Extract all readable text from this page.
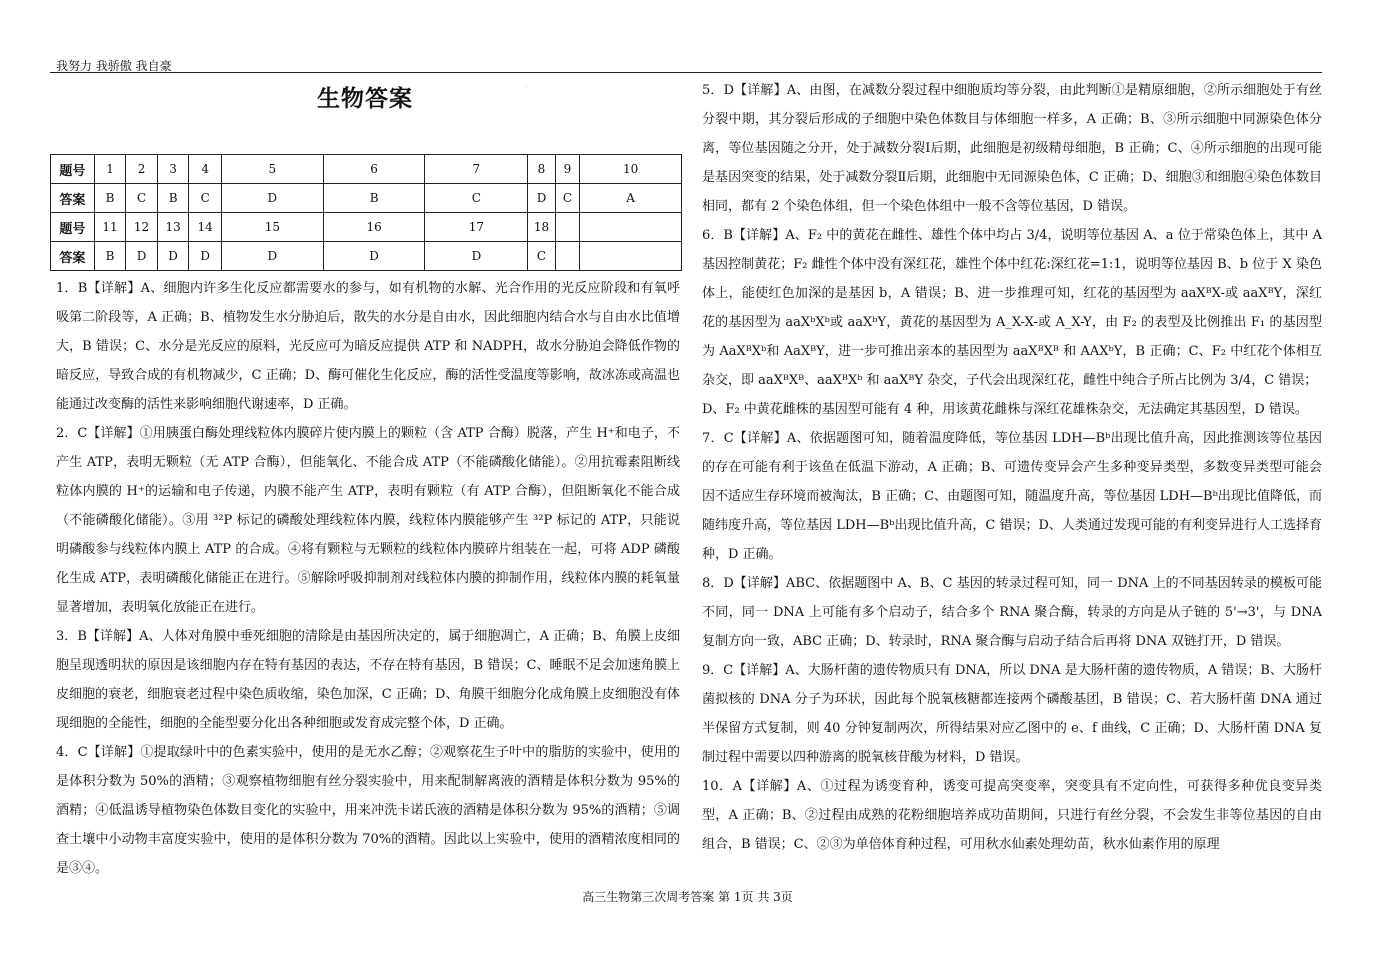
我努力 我骄傲 我自豪
·
生物答案
题号	1	2	3	4	5	6	7	8	9	10
答案	B	C	B	C	D	B	C	D	C	A
题号	11	12	13	14	15	16	17	18		
答案	B	D	D	D	D	D	D	C		

1．B【详解】A、细胞内许多生化反应都需要水的参与，如有机物的水解、光合作用的光反应阶段和有氧呼吸第二阶段等，A 正确；B、植物发生水分胁迫后，散失的水分是自由水，因此细胞内结合水与自由水比值增大，B 错误；C、水分是光反应的原料，光反应可为暗反应提供 ATP 和 NADPH，故水分胁迫会降低作物的暗反应，导致合成的有机物减少，C 正确；D、酶可催化生化反应，酶的活性受温度等影响，故冰冻或高温也能通过改变酶的活性来影响细胞代谢速率，D 正确。

2．C【详解】①用胰蛋白酶处理线粒体内膜碎片使内膜上的颗粒（含 ATP 合酶）脱落，产生 H⁺和电子，不产生 ATP，表明无颗粒（无 ATP 合酶），但能氧化、不能合成 ATP（不能磷酸化储能）。②用抗霉素阻断线粒体内膜的 H⁺的运输和电子传递，内膜不能产生 ATP，表明有颗粒（有 ATP 合酶），但阻断氧化不能合成（不能磷酸化储能）。③用 ³²P 标记的磷酸处理线粒体内膜，线粒体内膜能够产生 ³²P 标记的 ATP，只能说明磷酸参与线粒体内膜上 ATP 的合成。④将有颗粒与无颗粒的线粒体内膜碎片组装在一起，可将 ADP 磷酸化生成 ATP，表明磷酸化储能正在进行。⑤解除呼吸抑制剂对线粒体内膜的抑制作用，线粒体内膜的耗氧量显著增加，表明氧化放能正在进行。

3．B【详解】A、人体对角膜中垂死细胞的清除是由基因所决定的，属于细胞凋亡，A 正确；B、角膜上皮细胞呈现透明状的原因是该细胞内存在特有基因的表达，不存在特有基因，B 错误；C、睡眠不足会加速角膜上皮细胞的衰老，细胞衰老过程中染色质收缩，染色加深，C 正确；D、角膜干细胞分化成角膜上皮细胞没有体现细胞的全能性，细胞的全能型要分化出各种细胞或发育成完整个体，D 正确。

4．C【详解】①提取绿叶中的色素实验中，使用的是无水乙醇；②观察花生子叶中的脂肪的实验中，使用的是体积分数为 50%的酒精；③观察植物细胞有丝分裂实验中，用来配制解离液的酒精是体积分数为 95%的酒精；④低温诱导植物染色体数目变化的实验中，用来冲洗卡诺氏液的酒精是体积分数为 95%的酒精；⑤调查土壤中小动物丰富度实验中，使用的是体积分数为 70%的酒精。因此以上实验中，使用的酒精浓度相同的是③④。

5．D【详解】A、由图，在减数分裂过程中细胞质均等分裂，由此判断①是精原细胞，②所示细胞处于有丝分裂中期，其分裂后形成的子细胞中染色体数目与体细胞一样多，A 正确；B、③所示细胞中同源染色体分离，等位基因随之分开，处于减数分裂Ⅰ后期，此细胞是初级精母细胞，B 正确；C、④所示细胞的出现可能是基因突变的结果，处于减数分裂Ⅱ后期，此细胞中无同源染色体，C 正确；D、细胞③和细胞④染色体数目相同，都有 2 个染色体组，但一个染色体组中一般不含等位基因，D 错误。

6．B【详解】A、F₂ 中的黄花在雌性、雄性个体中均占 3/4，说明等位基因 A、a 位于常染色体上，其中 A 基因控制黄花；F₂ 雌性个体中没有深红花，雄性个体中红花:深红花=1:1，说明等位基因 B、b 位于 X 染色体上，能使红色加深的是基因 b，A 错误；B、进一步推理可知，红花的基因型为 aaXᴮX-或 aaXᴮY，深红花的基因型为 aaXᵇXᵇ或 aaXᵇY，黄花的基因型为 A_X-X-或 A_X-Y，由 F₂ 的表型及比例推出 F₁ 的基因型为 AaXᴮXᵇ和 AaXᴮY，进一步可推出亲本的基因型为 aaXᴮXᴮ 和 AAXᵇY，B 正确；C、F₂ 中红花个体相互杂交，即 aaXᴮXᴮ、aaXᴮXᵇ 和 aaXᴮY 杂交，子代会出现深红花，雌性中纯合子所占比例为 3/4，C 错误；

D、F₂ 中黄花雌株的基因型可能有 4 种，用该黄花雌株与深红花雄株杂交，无法确定其基因型，D 错误。

7．C【详解】A、依据题图可知，随着温度降低，等位基因 LDH—Bᵇ出现比值升高，因此推测该等位基因的存在可能有利于该鱼在低温下游动，A 正确；B、可遗传变异会产生多种变异类型，多数变异类型可能会因不适应生存环境而被淘汰，B 正确；C、由题图可知，随温度升高，等位基因 LDH—Bᵇ出现比值降低，而随纬度升高，等位基因 LDH—Bᵇ出现比值升高，C 错误；D、人类通过发现可能的有利变异进行人工选择育种，D 正确。

8．D【详解】ABC、依据题图中 A、B、C 基因的转录过程可知，同一 DNA 上的不同基因转录的模板可能不同，同一 DNA 上可能有多个启动子，结合多个 RNA 聚合酶，转录的方向是从子链的 5'→3'，与 DNA 复制方向一致，ABC 正确；D、转录时，RNA 聚合酶与启动子结合后再将 DNA 双链打开，D 错误。

9．C【详解】A、大肠杆菌的遗传物质只有 DNA，所以 DNA 是大肠杆菌的遗传物质，A 错误；B、大肠杆菌拟核的 DNA 分子为环状，因此每个脱氧核糖都连接两个磷酸基团，B 错误；C、若大肠杆菌 DNA 通过半保留方式复制，则 40 分钟复制两次，所得结果对应乙图中的 e、f 曲线，C 正确；D、大肠杆菌 DNA 复制过程中需要以四种游离的脱氧核苷酸为材料，D 错误。

10．A【详解】A、①过程为诱变育种，诱变可提高突变率，突变具有不定向性，可获得多种优良变异类型，A 正确；B、②过程由成熟的花粉细胞培养成功苗期间，只进行有丝分裂，不会发生非等位基因的自由组合，B 错误；C、②③为单倍体育种过程，可用秋水仙素处理幼苗，秋水仙素作用的原理

高三生物第三次周考答案 第 1页 共 3页
